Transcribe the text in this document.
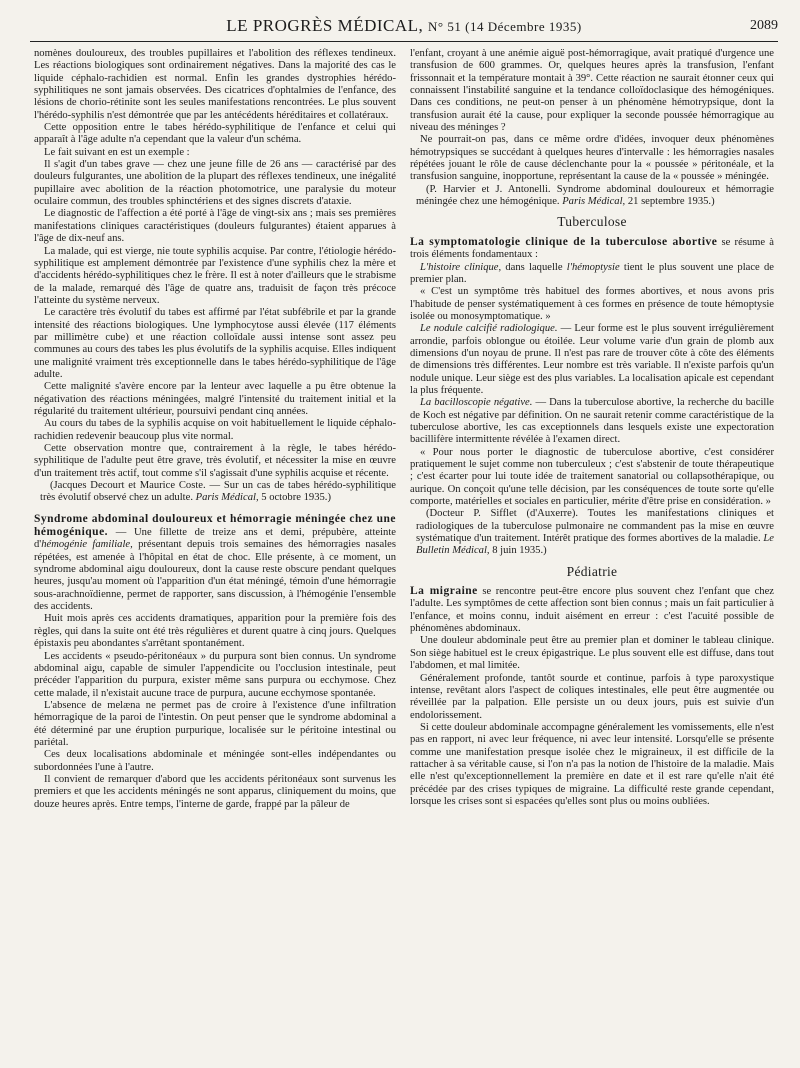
LE PROGRÈS MÉDICAL, N° 51 (14 Décembre 1935)	2089

nomènes douloureux, des troubles pupillaires et l'abolition des réflexes tendineux. Les réactions biologiques sont ordinairement négatives. Dans la majorité des cas le liquide céphalo-rachidien est normal. Enfin les grandes dystrophies hérédo-syphilitiques ne sont jamais observées. Des cicatrices d'ophtalmies de l'enfance, des lésions de chorio-rétinite sont les seules manifestations rencontrées. Le plus souvent l'hérédo-syphilis n'est démontrée que par les antécédents héréditaires et collatéraux.

Cette opposition entre le tabes hérédo-syphilitique de l'enfance et celui qui apparaît à l'âge adulte n'a cependant que la valeur d'un schéma.

Le fait suivant en est un exemple :

Il s'agit d'un tabes grave — chez une jeune fille de 26 ans — caractérisé par des douleurs fulgurantes, une abolition de la plupart des réflexes tendineux, une inégalité pupillaire avec abolition de la réaction photomotrice, une paralysie du moteur oculaire commun, des troubles sphinctériens et des signes discrets d'ataxie.

Le diagnostic de l'affection a été porté à l'âge de vingt-six ans ; mais ses premières manifestations cliniques caractéristiques (douleurs fulgurantes) étaient apparues à l'âge de dix-neuf ans.

La malade, qui est vierge, nie toute syphilis acquise. Par contre, l'étiologie hérédo-syphilitique est amplement démontrée par l'existence d'une syphilis chez la mère et d'accidents hérédo-syphilitiques chez le frère. Il est à noter d'ailleurs que le strabisme de la malade, remarqué dès l'âge de quatre ans, traduisit de façon très précoce l'atteinte du système nerveux.

Le caractère très évolutif du tabes est affirmé par l'état subfébrile et par la grande intensité des réactions biologiques. Une lymphocytose aussi élevée (117 éléments par millimètre cube) et une réaction colloïdale aussi intense sont assez peu communes au cours des tabes les plus évolutifs de la syphilis acquise. Elles indiquent une malignité vraiment très exceptionnelle dans le tabes hérédo-syphilitique de l'âge adulte.

Cette malignité s'avère encore par la lenteur avec laquelle a pu être obtenue la négativation des réactions méningées, malgré l'intensité du traitement initial et la régularité du traitement ultérieur, poursuivi pendant cinq années.

Au cours du tabes de la syphilis acquise on voit habituellement le liquide céphalo-rachidien redevenir beaucoup plus vite normal.

Cette observation montre que, contrairement à la règle, le tabes hérédo-syphilitique de l'adulte peut être grave, très évolutif, et nécessiter la mise en œuvre d'un traitement très actif, tout comme s'il s'agissait d'une syphilis acquise et récente.

(Jacques Decourt et Maurice Coste. — Sur un cas de tabes hérédo-syphilitique très évolutif observé chez un adulte. Paris Médical, 5 octobre 1935.)

Syndrome abdominal douloureux et hémorragie méningée chez une hémogénique. — Une fillette de treize ans et demi, prépubère, atteinte d'hémogénie familiale, présentant depuis trois semaines des hémorragies nasales répétées, est amenée à l'hôpital en état de choc. Elle présente, à ce moment, un syndrome abdominal aigu douloureux, dont la cause reste obscure pendant quelques heures, jusqu'au moment où l'apparition d'un état méningé, témoin d'une hémorragie sous-arachnoïdienne, permet de rapporter, sans discussion, à l'hémogénie l'ensemble des accidents.

Huit mois après ces accidents dramatiques, apparition pour la première fois des règles, qui dans la suite ont été très régulières et durent quatre à cinq jours. Quelques épistaxis peu abondantes s'arrêtant spontanément.

Les accidents « pseudo-péritonéaux » du purpura sont bien connus. Un syndrome abdominal aigu, capable de simuler l'appendicite ou l'occlusion intestinale, peut précéder l'apparition du purpura, exister même sans purpura ou ecchymose. Chez cette malade, il n'existait aucune trace de purpura, aucune ecchymose spontanée.

L'absence de melæna ne permet pas de croire à l'existence d'une infiltration hémorragique de la paroi de l'intestin. On peut penser que le syndrome abdominal a été déterminé par une éruption purpurique, localisée sur le péritoine intestinal ou pariétal.

Ces deux localisations abdominale et méningée sont-elles indépendantes ou subordonnées l'une à l'autre.

Il convient de remarquer d'abord que les accidents péritonéaux sont survenus les premiers et que les accidents méningés ne sont apparus, cliniquement du moins, que douze heures après. Entre temps, l'interne de garde, frappé par la pâleur de

l'enfant, croyant à une anémie aiguë post-hémorragique, avait pratiqué d'urgence une transfusion de 600 grammes. Or, quelques heures après la transfusion, l'enfant frissonnait et la température montait à 39°. Cette réaction ne saurait étonner ceux qui connaissent l'instabilité sanguine et la tendance colloïdoclasique des hémogéniques. Dans ces conditions, ne peut-on penser à un phénomène hémotrypsique, dont la transfusion aurait été la cause, pour expliquer la seconde poussée hémorragique au niveau des méninges ?

Ne pourrait-on pas, dans ce même ordre d'idées, invoquer deux phénomènes hémotrypsiques se succédant à quelques heures d'intervalle : les hémorragies nasales répétées jouant le rôle de cause déclenchante pour la « poussée » péritonéale, et la transfusion sanguine, inopportune, représentant la cause de la « poussée » méningée.

(P. Harvier et J. Antonelli. Syndrome abdominal douloureux et hémorragie méningée chez une hémogénique. Paris Médical, 21 septembre 1935.)

Tuberculose

La symptomatologie clinique de la tuberculose abortive se résume à trois éléments fondamentaux :

L'histoire clinique, dans laquelle l'hémoptysie tient le plus souvent une place de premier plan.

« C'est un symptôme très habituel des formes abortives, et nous avons pris l'habitude de penser systématiquement à ces formes en présence de toute hémoptysie isolée ou monosymptomatique. »

Le nodule calcifié radiologique. — Leur forme est le plus souvent irrégulièrement arrondie, parfois oblongue ou étoilée. Leur volume varie d'un grain de plomb aux dimensions d'un noyau de prune. Il n'est pas rare de trouver côte à côte des éléments de dimensions très différentes. Leur nombre est très variable. Il n'existe parfois qu'un nodule unique. Leur siège est des plus variables. La localisation apicale est cependant la plus fréquente.

La bacilloscopie négative. — Dans la tuberculose abortive, la recherche du bacille de Koch est négative par définition. On ne saurait retenir comme caractéristique de la tuberculose abortive, les cas exceptionnels dans lesquels existe une expectoration bacillifère intermittente révélée à l'examen direct.

« Pour nous porter le diagnostic de tuberculose abortive, c'est considérer pratiquement le sujet comme non tuberculeux ; c'est s'abstenir de toute thérapeutique ; c'est écarter pour lui toute idée de traitement sanatorial ou collapsothérapique, ou aurique. On conçoit qu'une telle décision, par les conséquences de toute sorte qu'elle comporte, matérielles et sociales en particulier, mérite d'être prise en considération. »

(Docteur P. Sifflet (d'Auxerre). Toutes les manifestations cliniques et radiologiques de la tuberculose pulmonaire ne commandent pas la mise en œuvre systématique d'un traitement. Intérêt pratique des formes abortives de la maladie. Le Bulletin Médical, 8 juin 1935.)

Pédiatrie

La migraine se rencontre peut-être encore plus souvent chez l'enfant que chez l'adulte. Les symptômes de cette affection sont bien connus ; mais un fait particulier à l'enfance, et moins connu, induit aisément en erreur : c'est l'acuité possible de phénomènes abdominaux.

Une douleur abdominale peut être au premier plan et dominer le tableau clinique. Son siège habituel est le creux épigastrique. Le plus souvent elle est diffuse, dans tout l'abdomen, et mal limitée.

Généralement profonde, tantôt sourde et continue, parfois à type paroxystique intense, revêtant alors l'aspect de coliques intestinales, elle peut être augmentée ou réveillée par la palpation. Elle persiste un ou deux jours, puis est suivie d'un endolorissement.

Si cette douleur abdominale accompagne généralement les vomissements, elle n'est pas en rapport, ni avec leur fréquence, ni avec leur intensité. Lorsqu'elle se présente comme une manifestation presque isolée chez le migraineux, il est difficile de la rattacher à sa véritable cause, si l'on n'a pas la notion de l'histoire de la maladie. Mais elle n'est qu'exceptionnellement la première en date et il est rare qu'elle n'ait été précédée par des crises typiques de migraine. La difficulté reste grande cependant, lorsque les crises sont si espacées qu'elles sont plus ou moins oubliées.
